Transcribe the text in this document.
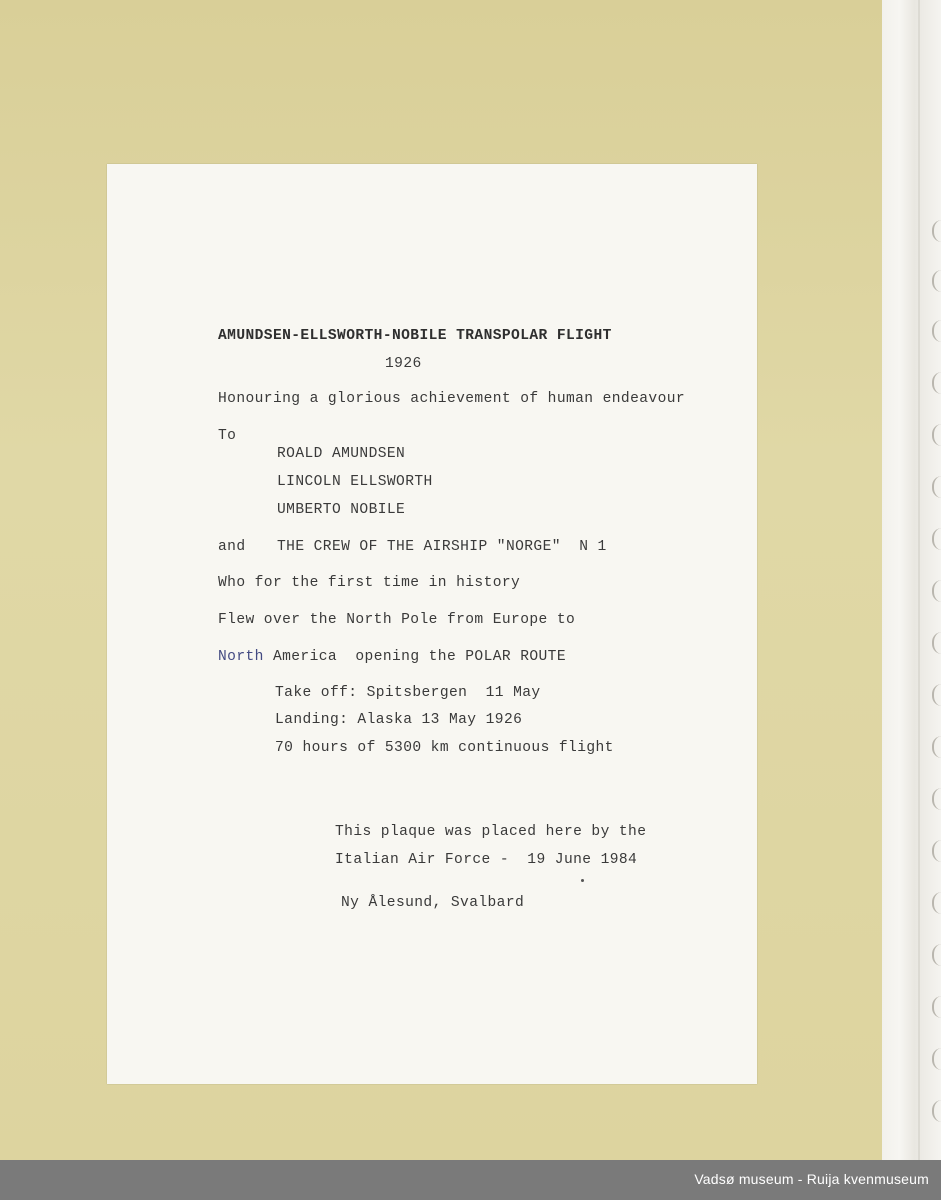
AMUNDSEN-ELLSWORTH-NOBILE TRANSPOLAR FLIGHT
1926
Honouring a glorious achievement of human endeavour
To
ROALD AMUNDSEN
LINCOLN ELLSWORTH
UMBERTO NOBILE
and THE CREW OF THE AIRSHIP "NORGE"  N 1
Who for the first time in history
Flew over the North Pole from Europe to
North America  opening the POLAR ROUTE
Take off: Spitsbergen  11 May
Landing: Alaska 13 May 1926
70 hours of 5300 km continuous flight
This plaque was placed here by the
Italian Air Force -  19 June 1984
Ny Ålesund, Svalbard
Vadsø museum - Ruija kvenmuseum
